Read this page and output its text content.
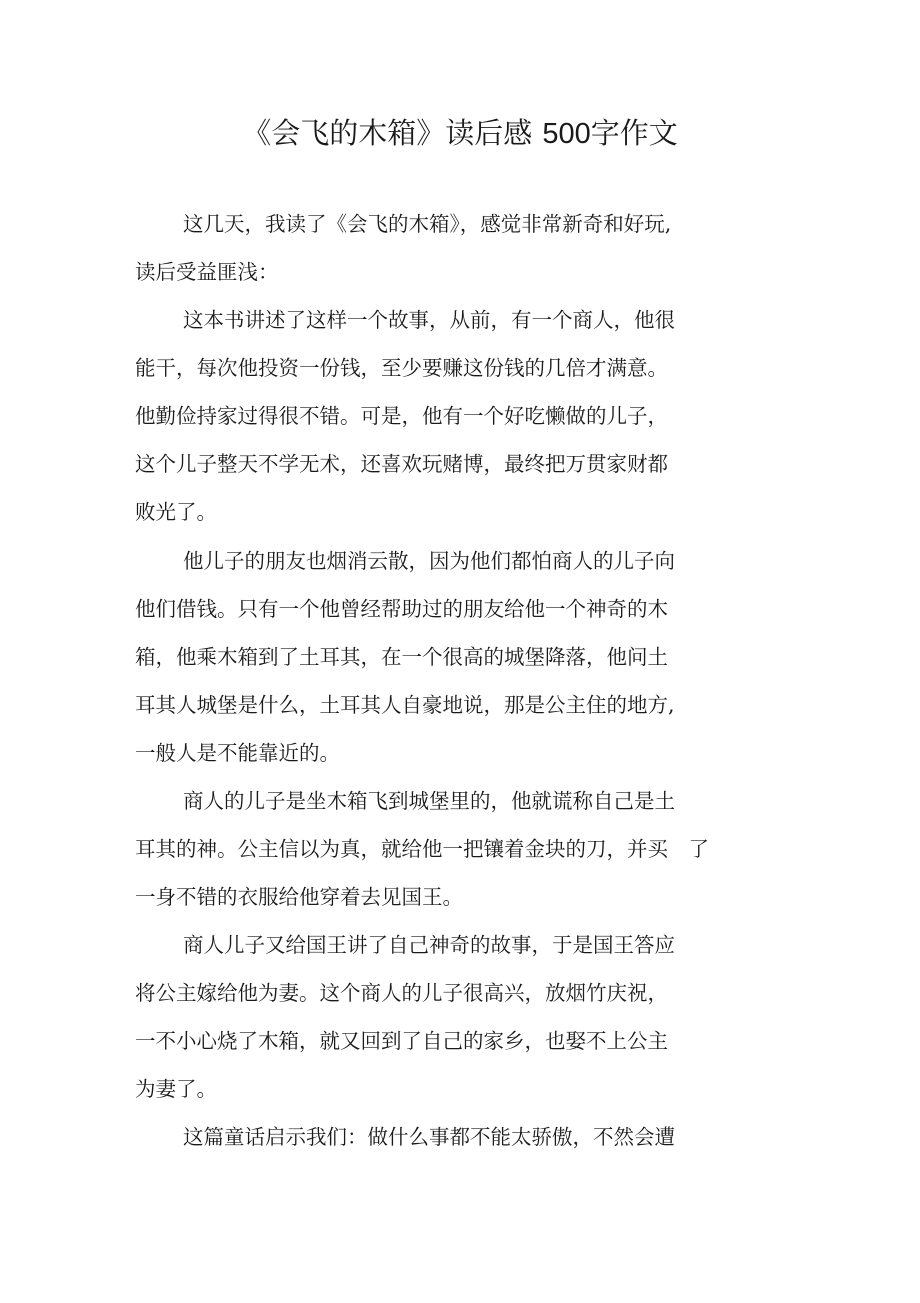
《会飞的木箱》读后感 500字作文
这几天，我读了《会飞的木箱》，感觉非常新奇和好玩,
读后受益匪浅：
这本书讲述了这样一个故事，从前，有一个商人，他很
能干，每次他投资一份钱，至少要赚这份钱的几倍才满意。
他勤俭持家过得很不错。可是，他有一个好吃懒做的儿子，
这个儿子整天不学无术，还喜欢玩赌博，最终把万贯家财都
败光了。
他儿子的朋友也烟消云散，因为他们都怕商人的儿子向
他们借钱。只有一个他曾经帮助过的朋友给他一个神奇的木
箱，他乘木箱到了土耳其，在一个很高的城堡降落，他问土
耳其人城堡是什么，土耳其人自豪地说，那是公主住的地方,
一般人是不能靠近的。
商人的儿子是坐木箱飞到城堡里的，他就谎称自己是土
耳其的神。公主信以为真，就给他一把镶着金块的刀，并买　了
一身不错的衣服给他穿着去见国王。
商人儿子又给国王讲了自己神奇的故事，于是国王答应
将公主嫁给他为妻。这个商人的儿子很高兴，放烟竹庆祝，
一不小心烧了木箱，就又回到了自己的家乡，也娶不上公主
为妻了。
这篇童话启示我们：做什么事都不能太骄傲，不然会遭
